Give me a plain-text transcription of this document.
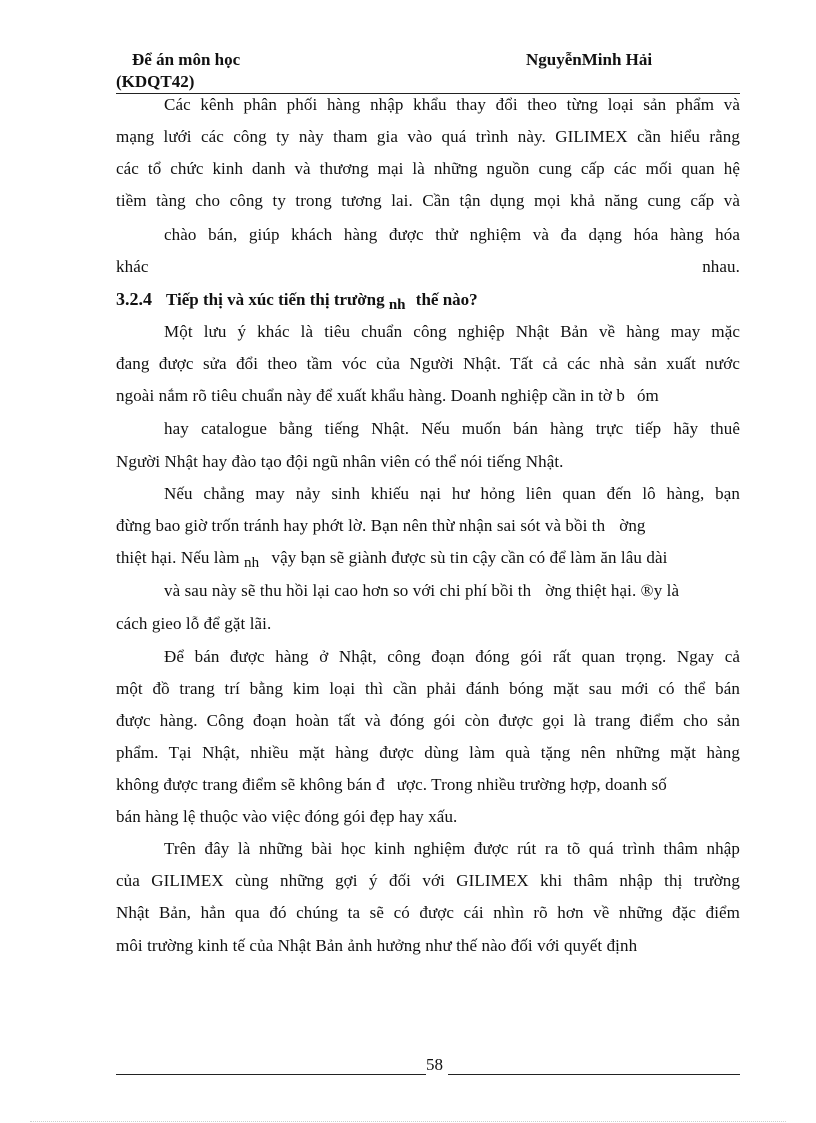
Để án môn học
(KDQT42)
NguyễnMinh Hải
Các kênh phân phối hàng nhập khẩu thay đổi theo từng loại sản phẩm và
mạng lưới các công ty này tham gia vào quá trình này. GILIMEX cần hiểu rằng
các tổ chức kinh danh và thương mại là những nguồn cung cấp các mối quan hệ
tiềm tàng cho công ty trong tương lai. Cần tận dụng mọi khả năng cung cấp và
chào bán, giúp khách hàng được thử nghiệm và đa dạng hóa hàng hóa
khác	nhau.
3.2.4 Tiếp thị và xúc tiến thị trường nh thế nào?
Một lưu ý khác là tiêu chuẩn công nghiệp Nhật Bản về hàng may mặc
đang được sửa đổi theo tầm vóc của Người Nhật. Tất cả các nhà sản xuất nước
ngoài nắm rõ tiêu chuẩn này để xuất khẩu hàng. Doanh nghiệp cần in tờ b óm
hay catalogue bằng tiếng Nhật. Nếu muốn bán hàng trực tiếp hãy thuê
Người Nhật hay đào tạo đội ngũ nhân viên có thể nói tiếng Nhật.
Nếu chẳng may nảy sinh khiếu nại hư hỏng liên quan đến lô hàng, bạn
đừng bao giờ trốn tránh hay phớt lờ. Bạn nên thừ nhận sai sót và bồi th ờng
thiệt hại. Nếu làm nh vậy bạn sẽ giành được sù tin cậy cần có để làm ăn lâu dài
và sau này sẽ thu hồi lại cao hơn so với chi phí bồi th ờng thiệt hại. ®y là
cách gieo lỗ để gặt lãi.
Để bán được hàng ở Nhật, công đoạn đóng gói rất quan trọng. Ngay cả
một đồ trang trí bằng kim loại thì cần phải đánh bóng mặt sau mới có thể bán
được hàng. Công đoạn hoàn tất và đóng gói còn được gọi là trang điểm cho sản
phẩm. Tại Nhật, nhiều mặt hàng được dùng làm quà tặng nên những mặt hàng
không được trang điểm sẽ không bán đ ược. Trong nhiều trường hợp, doanh số
bán hàng lệ thuộc vào việc đóng gói đẹp hay xấu.
Trên đây là những bài học kinh nghiệm được rút ra tõ quá trình thâm nhập
của GILIMEX cùng những gợi ý đối với GILIMEX khi thâm nhập thị trường
Nhật Bản, hẳn qua đó chúng ta sẽ có được cái nhìn rõ hơn về những đặc điểm
môi trường kinh tế của Nhật Bản ảnh hưởng như thế nào đối với quyết định
58
